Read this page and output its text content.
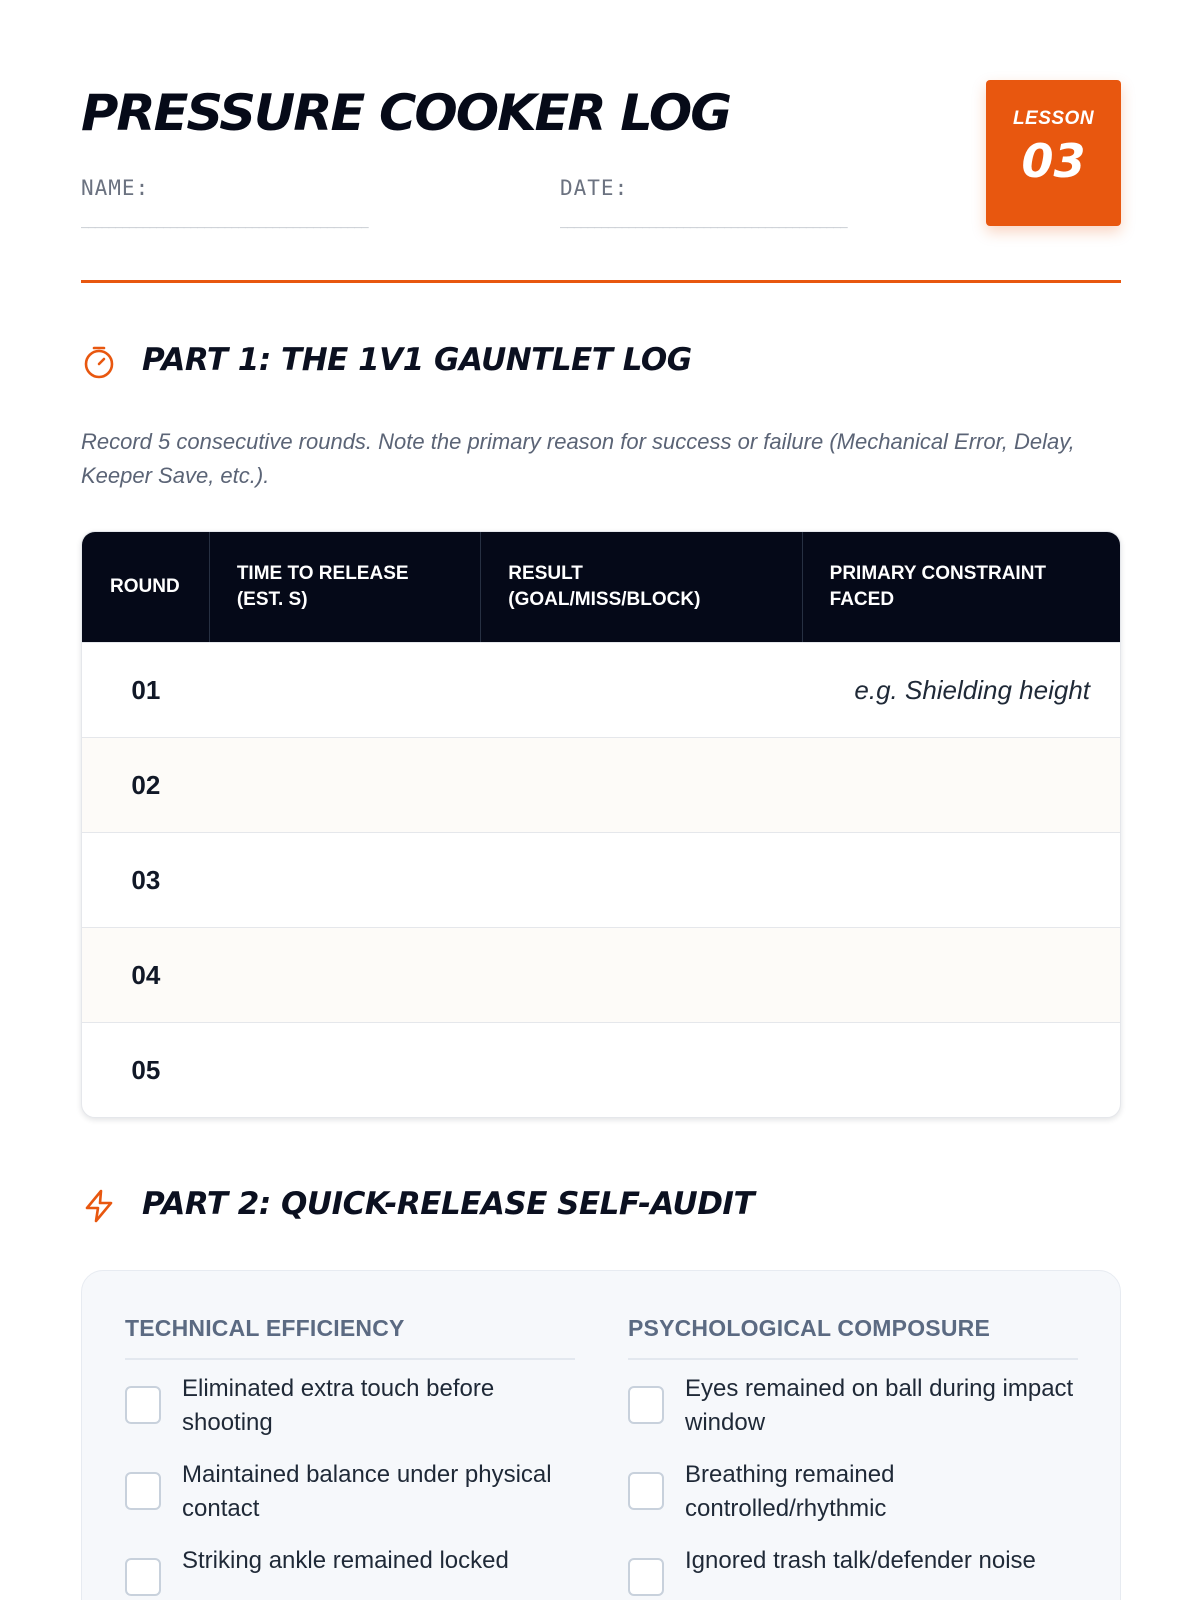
PRESSURE COOKER LOG
NAME:
__________________________________________
DATE:
__________________________________________
LESSON
03
PART 1: THE 1V1 GAUNTLET LOG
Record 5 consecutive rounds. Note the primary reason for success or failure (Mechanical Error, Delay, Keeper Save, etc.).
ROUND
TIME TO RELEASE (EST. S)
RESULT (GOAL/MISS/BLOCK)
PRIMARY CONSTRAINT FACED
01	e.g. Shielding height
02
03
04
05
PART 2: QUICK-RELEASE SELF-AUDIT
TECHNICAL EFFICIENCY
Eliminated extra touch before shooting
Maintained balance under physical contact
Striking ankle remained locked
PSYCHOLOGICAL COMPOSURE
Eyes remained on ball during impact window
Breathing remained controlled/rhythmic
Ignored trash talk/defender noise
